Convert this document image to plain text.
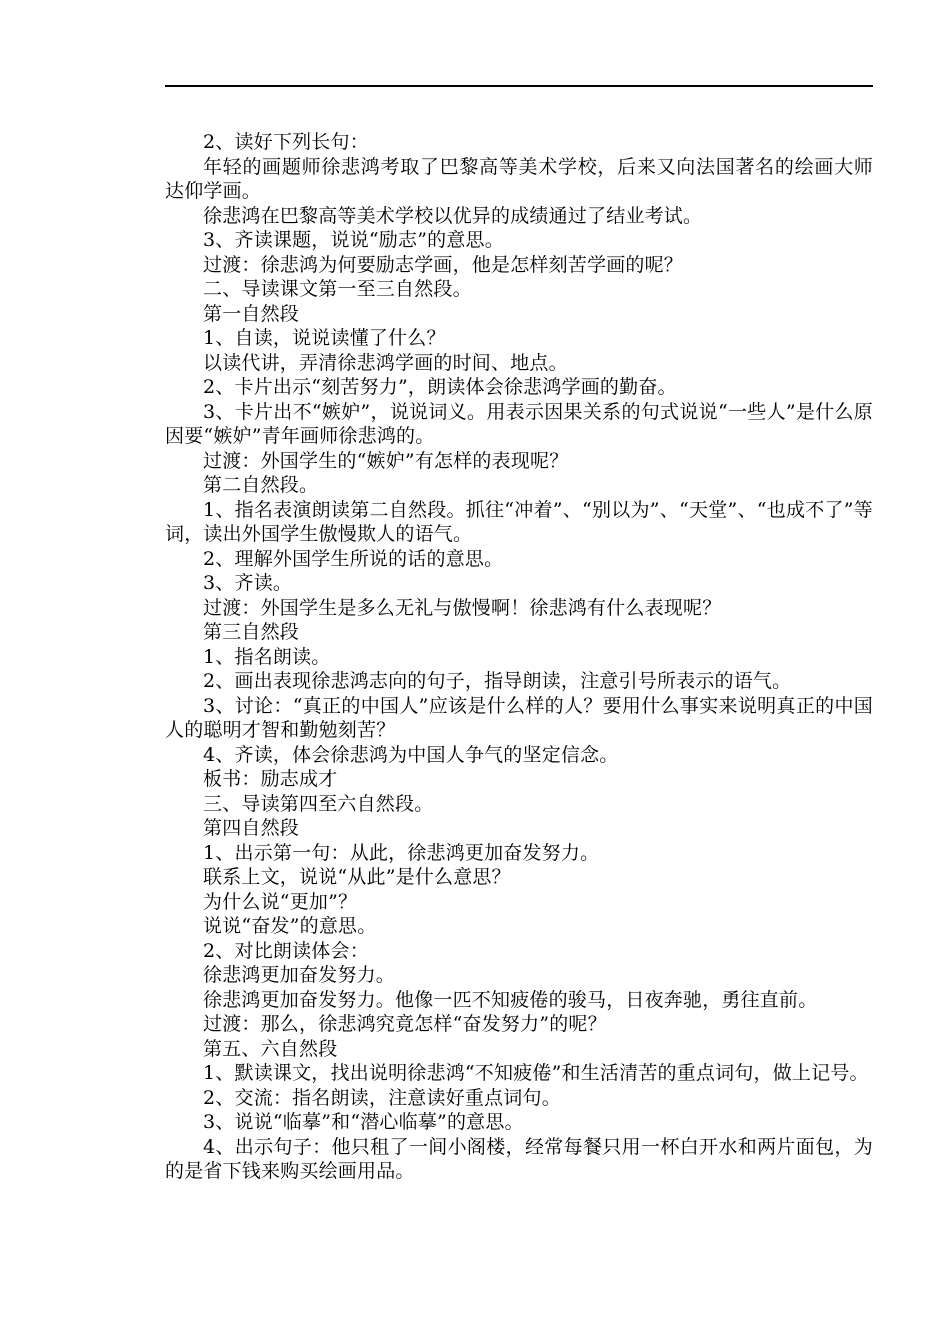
2、读好下列长句：

年轻的画题师徐悲鸿考取了巴黎高等美术学校，后来又向法国著名的绘画大师达仰学画。

徐悲鸿在巴黎高等美术学校以优异的成绩通过了结业考试。

3、齐读课题，说说“励志”的意思。

过渡：徐悲鸿为何要励志学画，他是怎样刻苦学画的呢？

二、导读课文第一至三自然段。

第一自然段

1、自读，说说读懂了什么？

以读代讲，弄清徐悲鸿学画的时间、地点。

2、卡片出示“刻苦努力”，朗读体会徐悲鸿学画的勤奋。

3、卡片出不“嫉妒”，说说词义。用表示因果关系的句式说说“一些人”是什么原因要“嫉妒”青年画师徐悲鸿的。

过渡：外国学生的“嫉妒”有怎样的表现呢？

第二自然段。

1、指名表演朗读第二自然段。抓往“冲着”、“别以为”、“天堂”、“也成不了”等词，读出外国学生傲慢欺人的语气。

2、理解外国学生所说的话的意思。

3、齐读。

过渡：外国学生是多么无礼与傲慢啊！徐悲鸿有什么表现呢？

第三自然段

1、指名朗读。

2、画出表现徐悲鸿志向的句子，指导朗读，注意引号所表示的语气。

3、讨论：“真正的中国人”应该是什么样的人？要用什么事实来说明真正的中国人的聪明才智和勤勉刻苦？

4、齐读，体会徐悲鸿为中国人争气的坚定信念。

板书：励志成才

三、导读第四至六自然段。

第四自然段

1、出示第一句：从此，徐悲鸿更加奋发努力。

联系上文，说说“从此”是什么意思？

为什么说“更加”？

说说“奋发”的意思。

2、对比朗读体会：

徐悲鸿更加奋发努力。

徐悲鸿更加奋发努力。他像一匹不知疲倦的骏马，日夜奔驰，勇往直前。

过渡：那么，徐悲鸿究竟怎样“奋发努力”的呢？

第五、六自然段

1、默读课文，找出说明徐悲鸿“不知疲倦”和生活清苦的重点词句，做上记号。

2、交流：指名朗读，注意读好重点词句。

3、说说“临摹”和“潜心临摹”的意思。

4、出示句子：他只租了一间小阁楼，经常每餐只用一杯白开水和两片面包，为的是省下钱来购买绘画用品。
